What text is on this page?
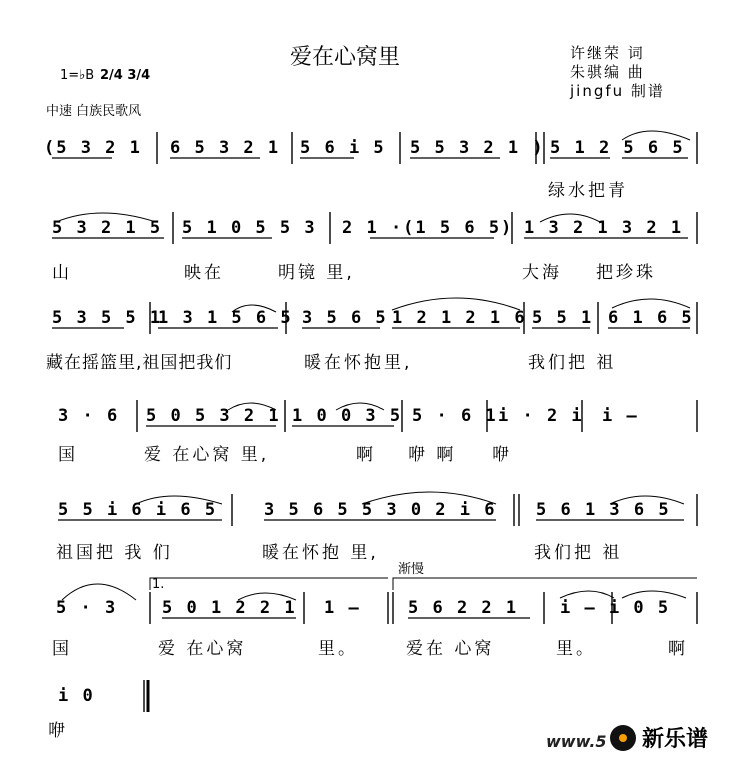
爱在心窝里	许继荣 词
朱骐编 曲
jingfu 制谱
1=♭B 2/4 3/4
中速 白族民歌风
(5 3 2 1 6 5 3 2 1 5 6 i 5 5 5 3 2 1 ) 5 1 2 5 6 5
绿水把青
5 3 2 1 5 5 1 0 5 5 3 2 1 ·(1 5 6 5) 1 3 2 1 3 2 1
山	映在	明镜 里,	大海 把珍珠
5 3 5 5 1
1 3 1 5 6 5 3 5 6 5 1 2 1 2 1 6 5 5 1 6 1 6 5
藏在摇篮里,祖国把我们	暖在怀抱里,	我们把 祖
3 · 6 5 0 5 3 2 1 1 0 0 3 5 5 · 6 1 i · 2 i i –
国	爱 在心窝 里,	啊 咿 啊 咿
5 5 i 6 i 6 5	3 5 6 5 5 3 0 2 i 6 5 6 1 3 6 5
祖国把 我 们	暖在怀抱 里,	我们把 祖
渐慢
1.
5 · 3	5 0 1 2 2 1 1 –	5 6 2 2 1 i – i 0 5
国	爱 在心窝	里。	爱在 心窝	里。	啊
i 0
咿
www.5 新乐谱
